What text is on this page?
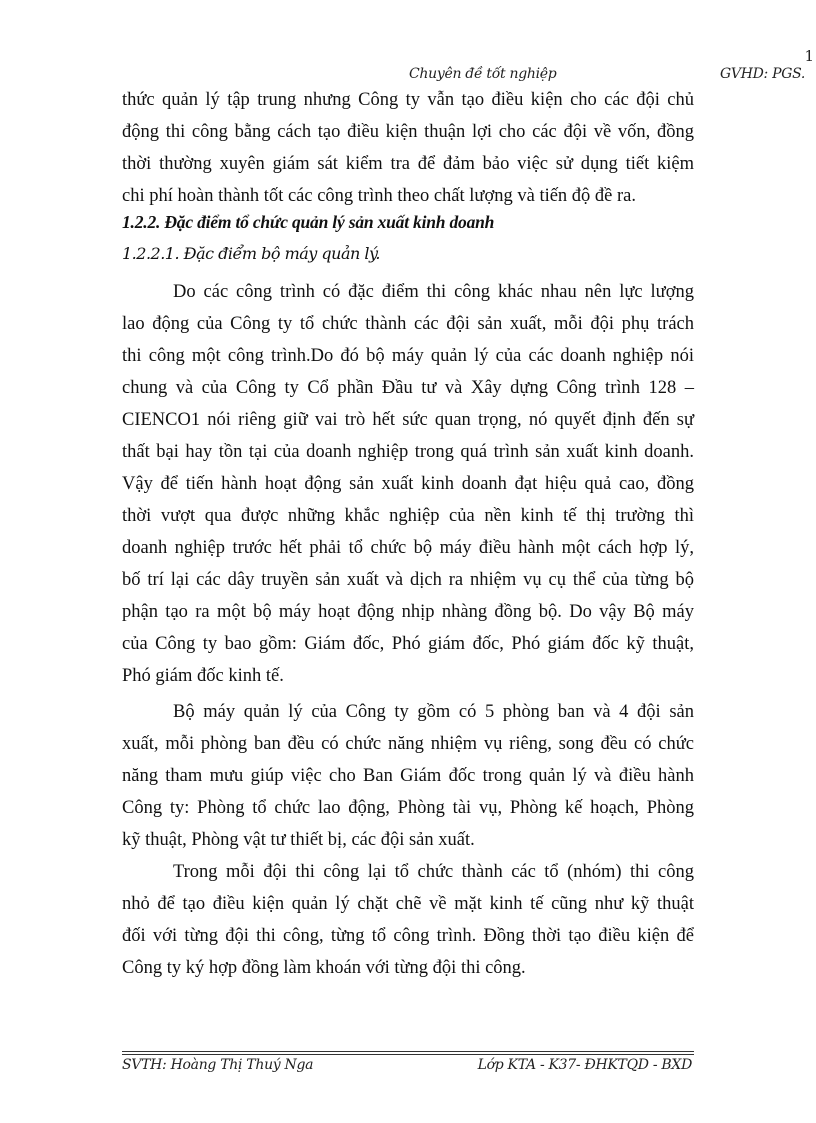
1
Chuyên đề tốt nghiệp	GVHD: PGS.
thức quản lý tập trung nhưng Công ty vẫn tạo điều kiện cho các đội chủ
động thi công bằng cách tạo điều kiện thuận lợi cho các đội về vốn, đồng
thời thường xuyên giám sát kiểm tra để đảm bảo việc sử dụng tiết kiệm
chi phí hoàn thành tốt các công trình theo chất lượng và tiến độ đề ra.
1.2.2. Đặc điểm tổ chức quản lý sản xuất kinh doanh
1.2.2.1. Đặc điểm bộ máy quản lý.
Do các công trình có đặc điểm thi công khác nhau nên lực lượng
lao động của Công ty tổ chức thành các đội sản xuất, mỗi đội phụ trách
thi công một công trình.Do đó bộ máy quản lý của các doanh nghiệp nói
chung và của Công ty Cổ phần Đầu tư và Xây dựng Công trình 128 –
CIENCO1 nói riêng giữ vai trò hết sức quan trọng, nó quyết định đến sự
thất bại hay tồn tại của doanh nghiệp trong quá trình sản xuất kinh doanh.
Vậy để tiến hành hoạt động sản xuất kinh doanh đạt hiệu quả cao, đồng
thời vượt qua được những khắc nghiệp của nền kinh tế thị trường thì
doanh nghiệp trước hết phải tổ chức bộ máy điều hành một cách hợp lý,
bố trí lại các dây truyền sản xuất và dịch ra nhiệm vụ cụ thể của từng bộ
phận tạo ra một bộ máy hoạt động nhịp nhàng đồng bộ. Do vậy Bộ máy
của Công ty bao gồm: Giám đốc, Phó giám đốc, Phó giám đốc kỹ thuật,
Phó giám đốc kinh tế.
Bộ máy quản lý của Công ty gồm có 5 phòng ban và 4 đội sản
xuất, mỗi phòng ban đều có chức năng nhiệm vụ riêng, song đều có chức
năng tham mưu giúp việc cho Ban Giám đốc trong quản lý và điều hành
Công ty: Phòng tổ chức lao động, Phòng tài vụ, Phòng kế hoạch, Phòng
kỹ thuật, Phòng vật tư thiết bị, các đội sản xuất.
Trong mỗi đội thi công lại tổ chức thành các tổ (nhóm) thi công
nhỏ để tạo điều kiện quản lý chặt chẽ về mặt kinh tế cũng như kỹ thuật
đối với từng đội thi công, từng tổ công trình. Đồng thời tạo điều kiện để
Công ty ký hợp đồng làm khoán với từng đội thi công.
SVTH: Hoàng Thị Thuý Nga	Lớp KTA - K37- ĐHKTQD - BXD
